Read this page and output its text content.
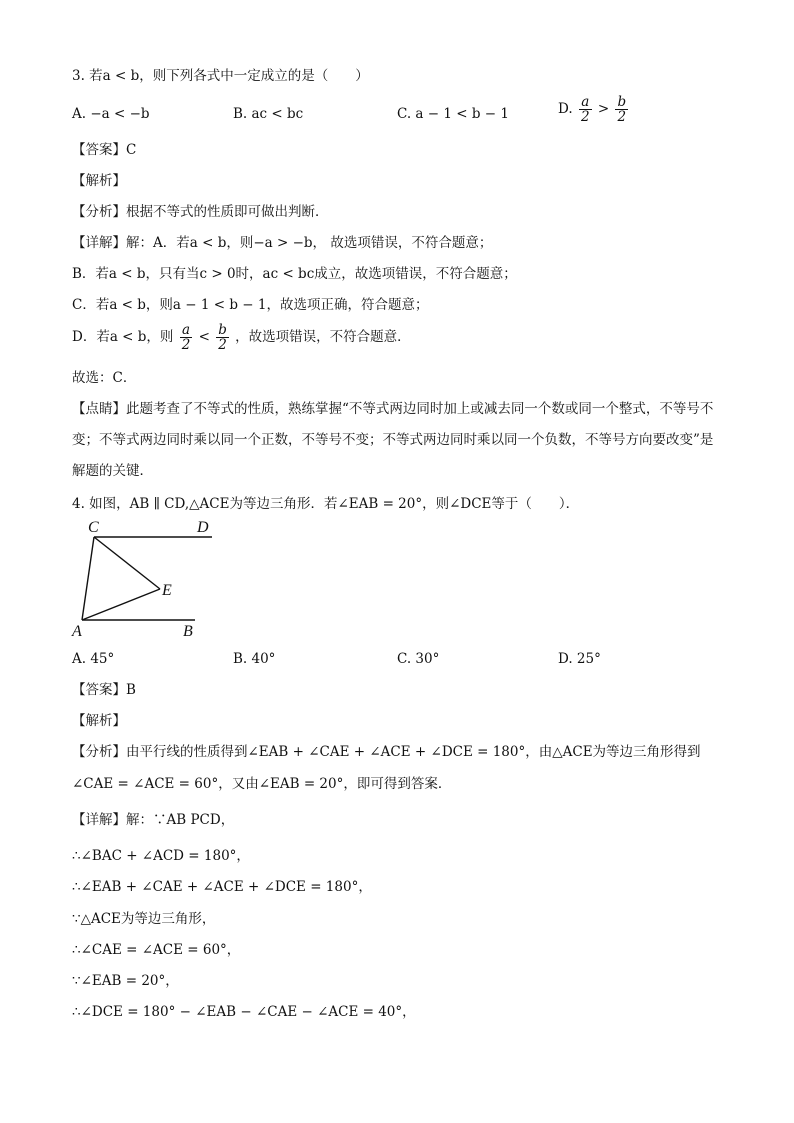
3. 若a < b，则下列各式中一定成立的是（　　）
A. −a < −b	B. ac < bc	C. a − 1 < b − 1	D. $\frac{a}{2} > \frac{b}{2}$
【答案】C
【解析】
【分析】根据不等式的性质即可做出判断．
【详解】解：A．若a < b，则−a > −b， 故选项错误，不符合题意；
B．若a < b，只有当c > 0时，ac < bc成立，故选项错误，不符合题意；
C．若a < b，则a − 1 < b − 1，故选项正确，符合题意；
D．若a < b，则 $\frac{a}{2} < \frac{b}{2}$ ，故选项错误，不符合题意．
故选：C．
【点睛】此题考查了不等式的性质，熟练掌握“不等式两边同时加上或减去同一个数或同一个整式，不等号不变；不等式两边同时乘以同一个正数，不等号不变；不等式两边同时乘以同一个负数，不等号方向要改变”是解题的关键．
4. 如图，AB ∥ CD,△ACE为等边三角形．若∠EAB = 20°，则∠DCE等于（　　）．
C	D
E
A	B
A. 45°	B. 40°	C. 30°	D. 25°
【答案】B
【解析】
【分析】由平行线的性质得到∠EAB + ∠CAE + ∠ACE + ∠DCE = 180°，由△ACE为等边三角形得到
∠CAE = ∠ACE = 60°，又由∠EAB = 20°，即可得到答案．
【详解】解：∵AB PCD，
∴∠BAC + ∠ACD = 180°，
∴∠EAB + ∠CAE + ∠ACE + ∠DCE = 180°，
∵△ACE为等边三角形，
∴∠CAE = ∠ACE = 60°，
∵∠EAB = 20°，
∴∠DCE = 180° − ∠EAB − ∠CAE − ∠ACE = 40°，
